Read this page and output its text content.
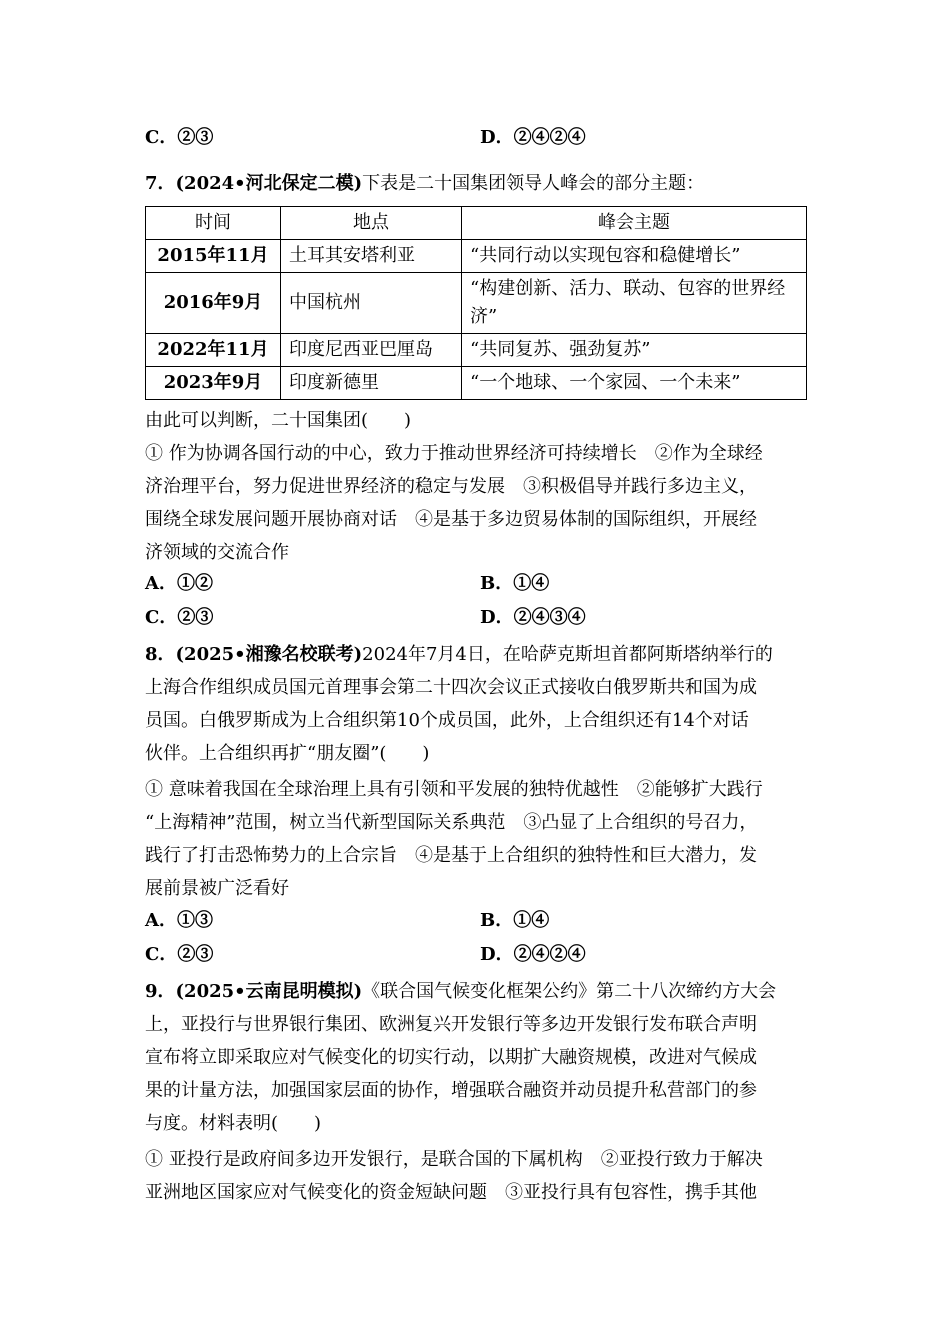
C．②③	D．②④②④
7．(2024•河北保定二模)下表是二十国集团领导人峰会的部分主题：
时间	地点	峰会主题
2015年11月	土耳其安塔利亚	“共同行动以实现包容和稳健增长”
2016年9月	中国杭州	“构建创新、活力、联动、包容的世界经济”
2022年11月	印度尼西亚巴厘岛	“共同复苏、强劲复苏”
2023年9月	印度新德里	“一个地球、一个家园、一个未来”
由此可以判断，二十国集团(　　)
① 作为协调各国行动的中心，致力于推动世界经济可持续增长　②作为全球经
济治理平台，努力促进世界经济的稳定与发展　③积极倡导并践行多边主义，
围绕全球发展问题开展协商对话　④是基于多边贸易体制的国际组织，开展经
济领域的交流合作
A．①②	B．①④
C．②③	D．②④③④
8．(2025•湘豫名校联考)2024年7月4日，在哈萨克斯坦首都阿斯塔纳举行的
上海合作组织成员国元首理事会第二十四次会议正式接收白俄罗斯共和国为成
员国。白俄罗斯成为上合组织第10个成员国，此外，上合组织还有14个对话
伙伴。上合组织再扩“朋友圈”(　　)
① 意味着我国在全球治理上具有引领和平发展的独特优越性　②能够扩大践行
“上海精神”范围，树立当代新型国际关系典范　③凸显了上合组织的号召力，
践行了打击恐怖势力的上合宗旨　④是基于上合组织的独特性和巨大潜力，发
展前景被广泛看好
A．①③	B．①④
C．②③	D．②④②④
9．(2025•云南昆明模拟)《联合国气候变化框架公约》第二十八次缔约方大会
上，亚投行与世界银行集团、欧洲复兴开发银行等多边开发银行发布联合声明
宣布将立即采取应对气候变化的切实行动，以期扩大融资规模，改进对气候成
果的计量方法，加强国家层面的协作，增强联合融资并动员提升私营部门的参
与度。材料表明(　　)
① 亚投行是政府间多边开发银行，是联合国的下属机构　②亚投行致力于解决
亚洲地区国家应对气候变化的资金短缺问题　③亚投行具有包容性，携手其他
